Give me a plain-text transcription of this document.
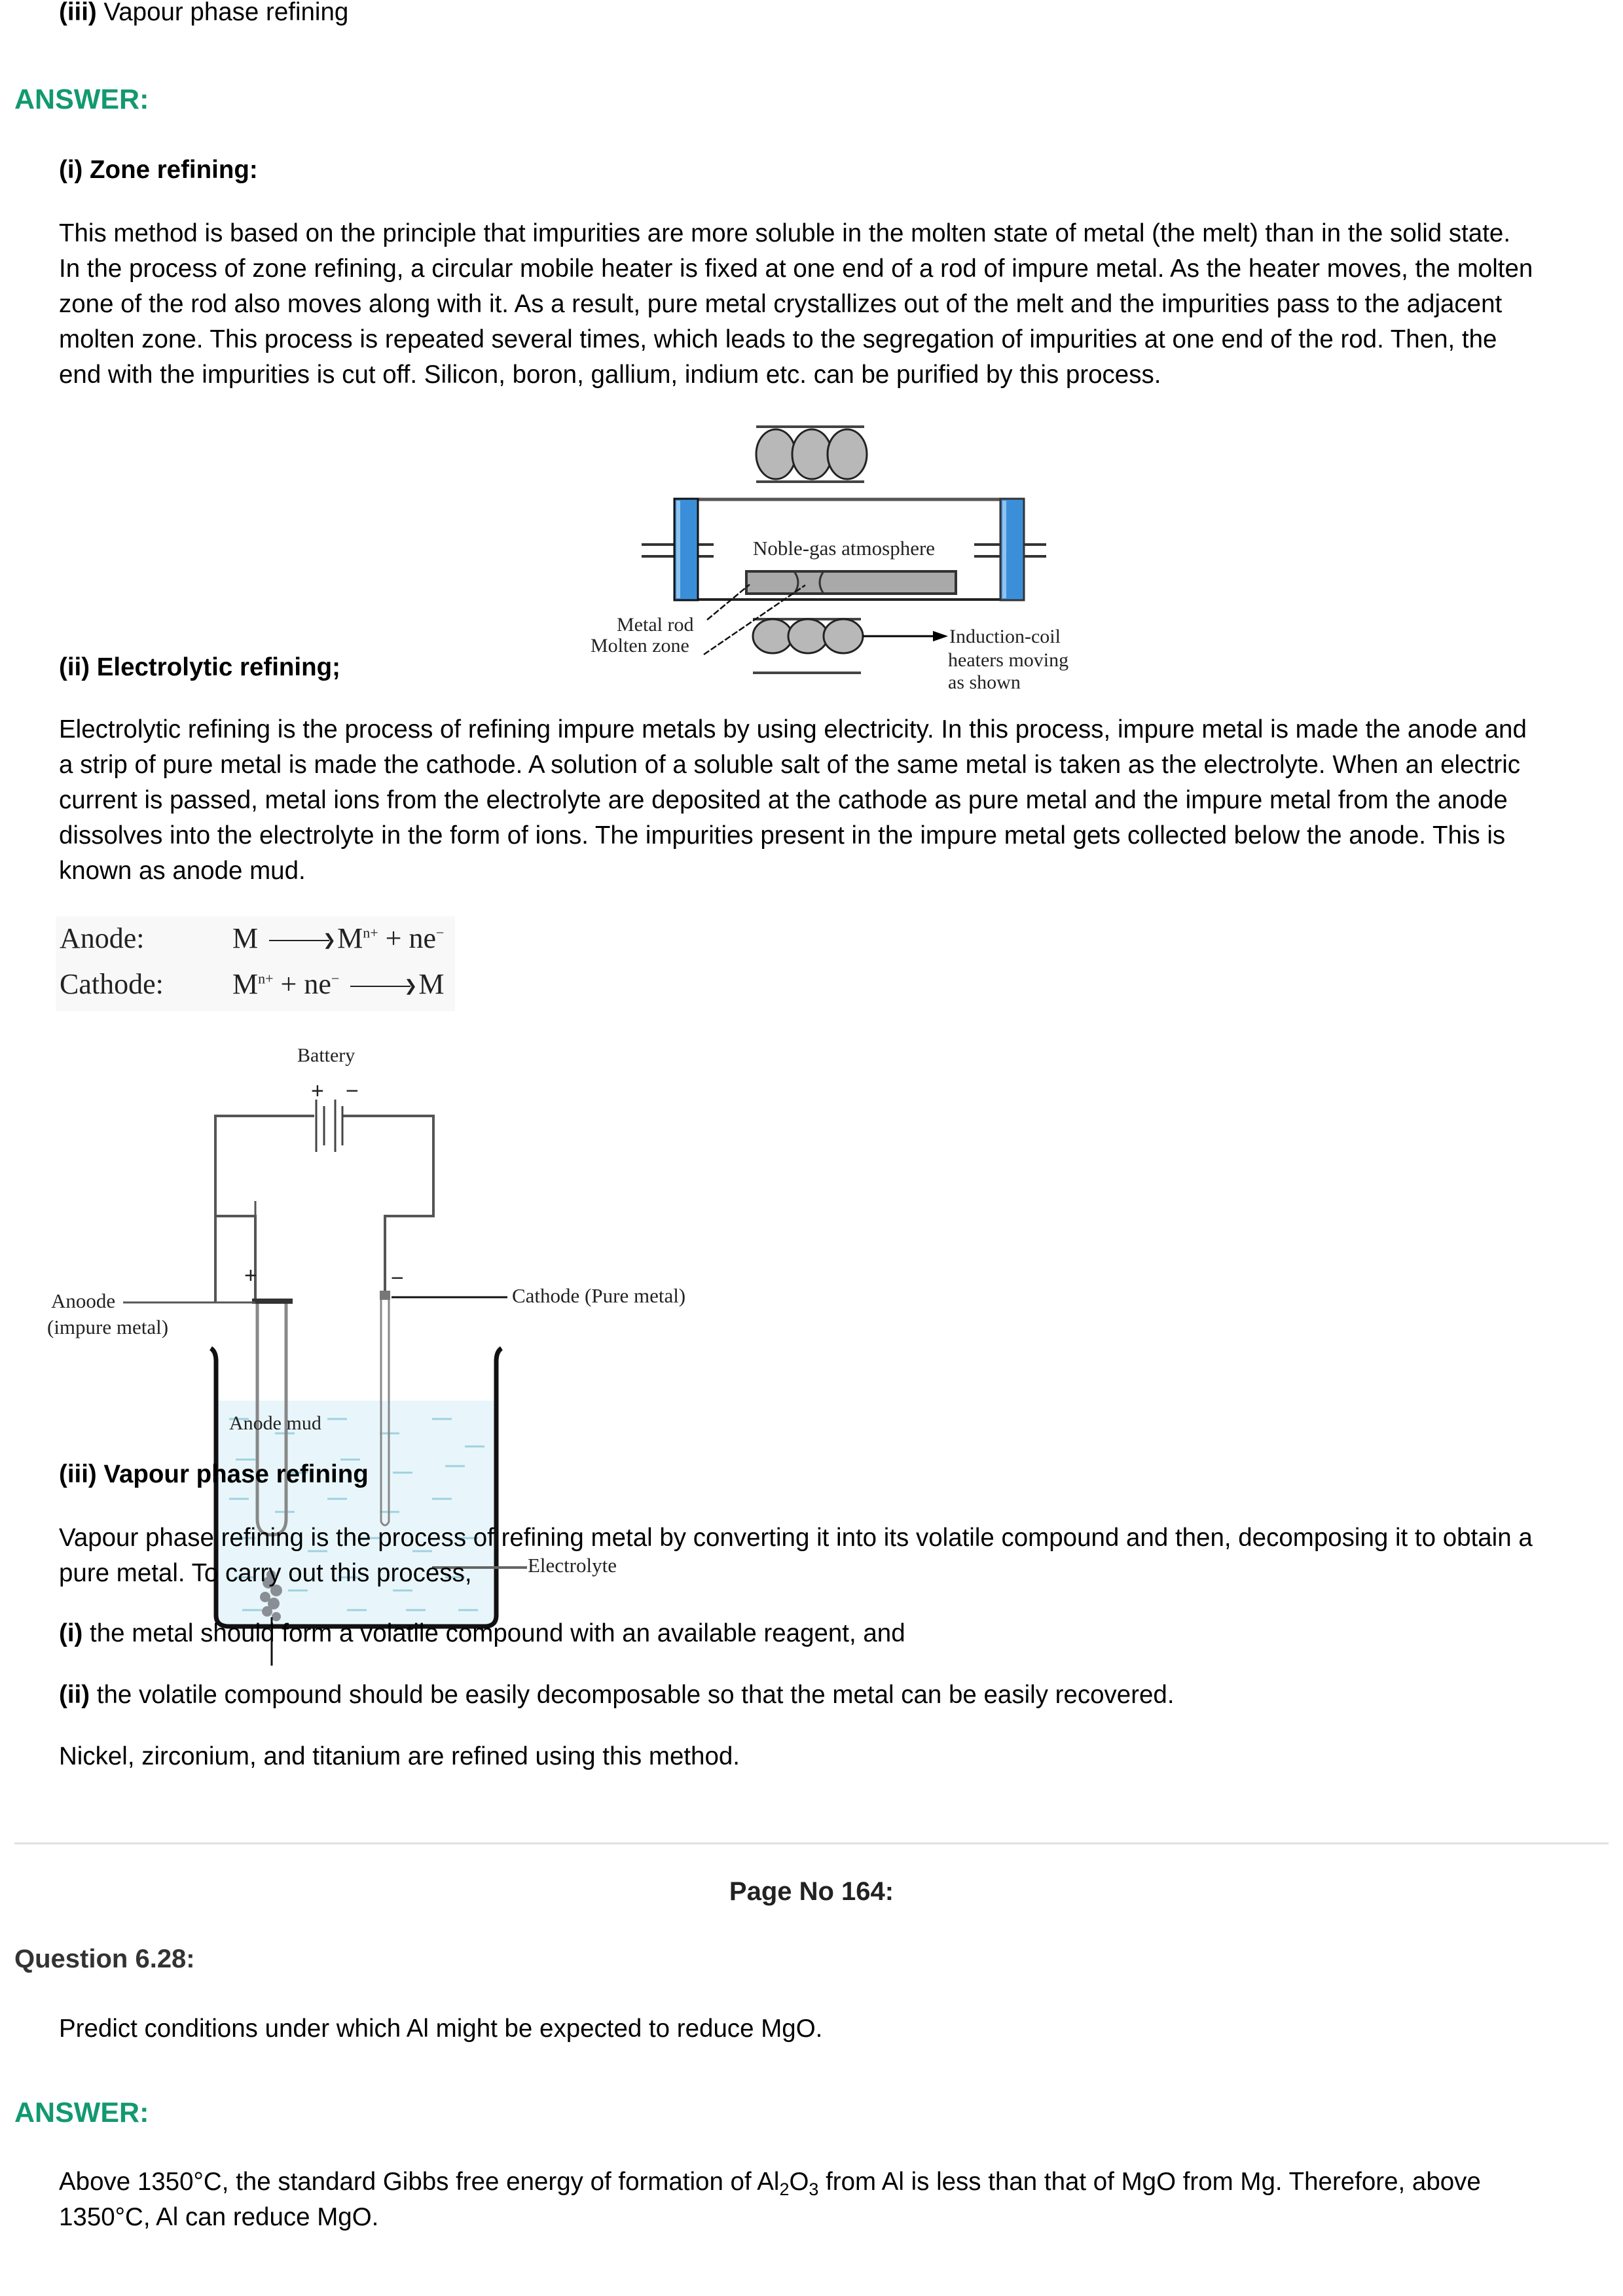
(iii) Vapour phase refining
ANSWER:
(i) Zone refining:
This method is based on the principle that impurities are more soluble in the molten state of metal (the melt) than in the solid state.
In the process of zone refining, a circular mobile heater is fixed at one end of a rod of impure metal. As the heater moves, the molten
zone of the rod also moves along with it. As a result, pure metal crystallizes out of the melt and the impurities pass to the adjacent
molten zone. This process is repeated several times, which leads to the segregation of impurities at one end of the rod. Then, the
end with the impurities is cut off. Silicon, boron, gallium, indium etc. can be purified by this process.
Noble-gas atmosphere
Metal rod
Molten zone	Induction-coil
heaters moving
as shown
(ii) Electrolytic refining;
Electrolytic refining is the process of refining impure metals by using electricity. In this process, impure metal is made the anode and
a strip of pure metal is made the cathode. A solution of a soluble salt of the same metal is taken as the electrolyte. When an electric
current is passed, metal ions from the electrolyte are deposited at the cathode as pure metal and the impure metal from the anode
dissolves into the electrolyte in the form of ions. The impurities present in the impure metal gets collected below the anode. This is
known as anode mud.
Anode:	M	❯ $M^{n+} + ne^-$
Cathode: $M^{n+} + ne^-$	❯ M
+ −
Battery
+	−
Anoode
(impure metal)
Cathode (Pure metal)
Electrolyte
Anode mud
(iii) Vapour phase refining
Vapour phase refining is the process of refining metal by converting it into its volatile compound and then, decomposing it to obtain a
pure metal. To carry out this process,
(i) the metal should form a volatile compound with an available reagent, and
(ii) the volatile compound should be easily decomposable so that the metal can be easily recovered.
Nickel, zirconium, and titanium are refined using this method.
Page No 164:
Question 6.28:
Predict conditions under which Al might be expected to reduce MgO.
ANSWER:
Above 1350°C, the standard Gibbs free energy of formation of $Al_2O_3$ from Al is less than that of MgO from Mg. Therefore, above
1350°C, Al can reduce MgO.
